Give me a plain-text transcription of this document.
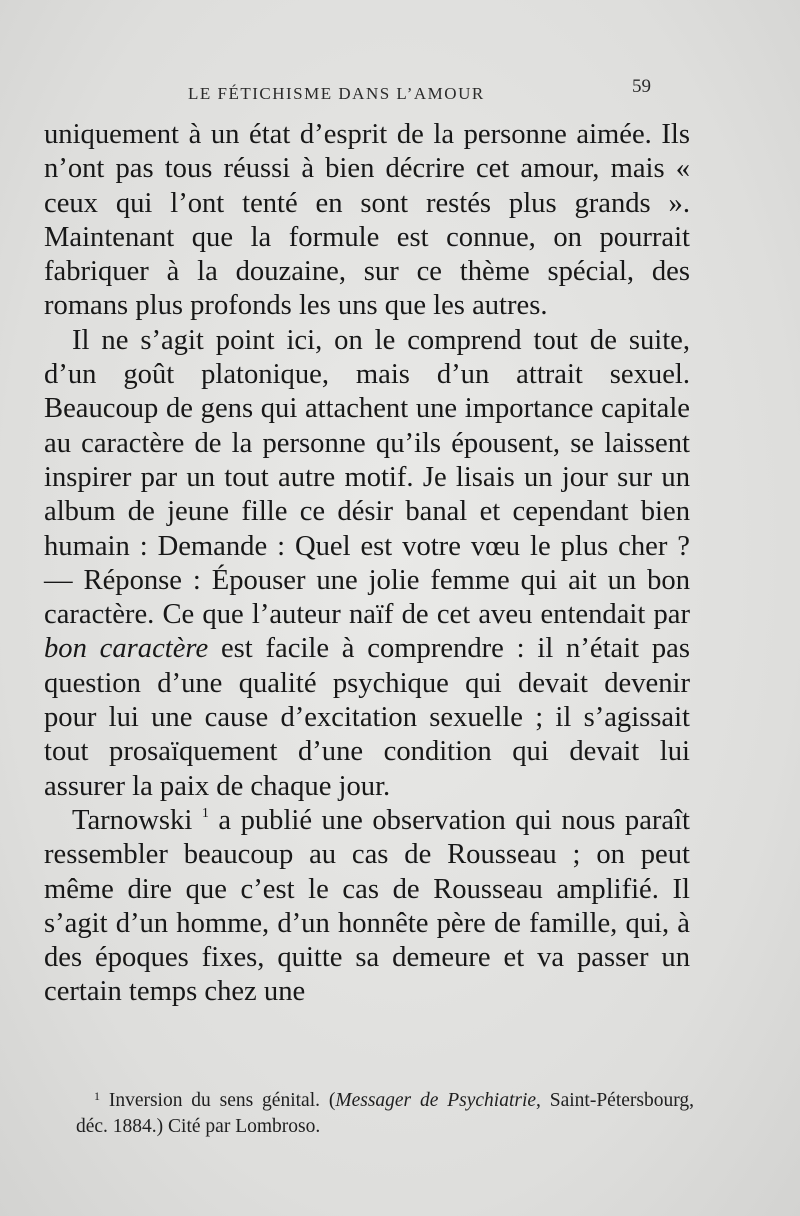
LE FÉTICHISME DANS L’AMOUR	59

uniquement à un état d’esprit de la personne aimée. Ils n’ont pas tous réussi à bien décrire cet amour, mais « ceux qui l’ont tenté en sont restés plus grands ». Maintenant que la formule est connue, on pourrait fabriquer à la douzaine, sur ce thème spécial, des romans plus profonds les uns que les autres.

Il ne s’agit point ici, on le comprend tout de suite, d’un goût platonique, mais d’un attrait sexuel. Beaucoup de gens qui attachent une importance capitale au caractère de la personne qu’ils épousent, se laissent inspirer par un tout autre motif. Je lisais un jour sur un album de jeune fille ce désir banal et cependant bien humain : Demande : Quel est votre vœu le plus cher ? — Réponse : Épouser une jolie femme qui ait un bon caractère. Ce que l’auteur naïf de cet aveu entendait par bon caractère est facile à comprendre : il n’était pas question d’une qualité psychique qui devait devenir pour lui une cause d’excitation sexuelle ; il s’agissait tout prosaïquement d’une condition qui devait lui assurer la paix de chaque jour.

Tarnowski $^1$ a publié une observation qui nous paraît ressembler beaucoup au cas de Rousseau ; on peut même dire que c’est le cas de Rousseau amplifié. Il s’agit d’un homme, d’un honnête père de famille, qui, à des époques fixes, quitte sa demeure et va passer un certain temps chez une

$^1$ Inversion du sens génital. (Messager de Psychiatrie, Saint-Pétersbourg, déc. 1884.) Cité par Lombroso.
